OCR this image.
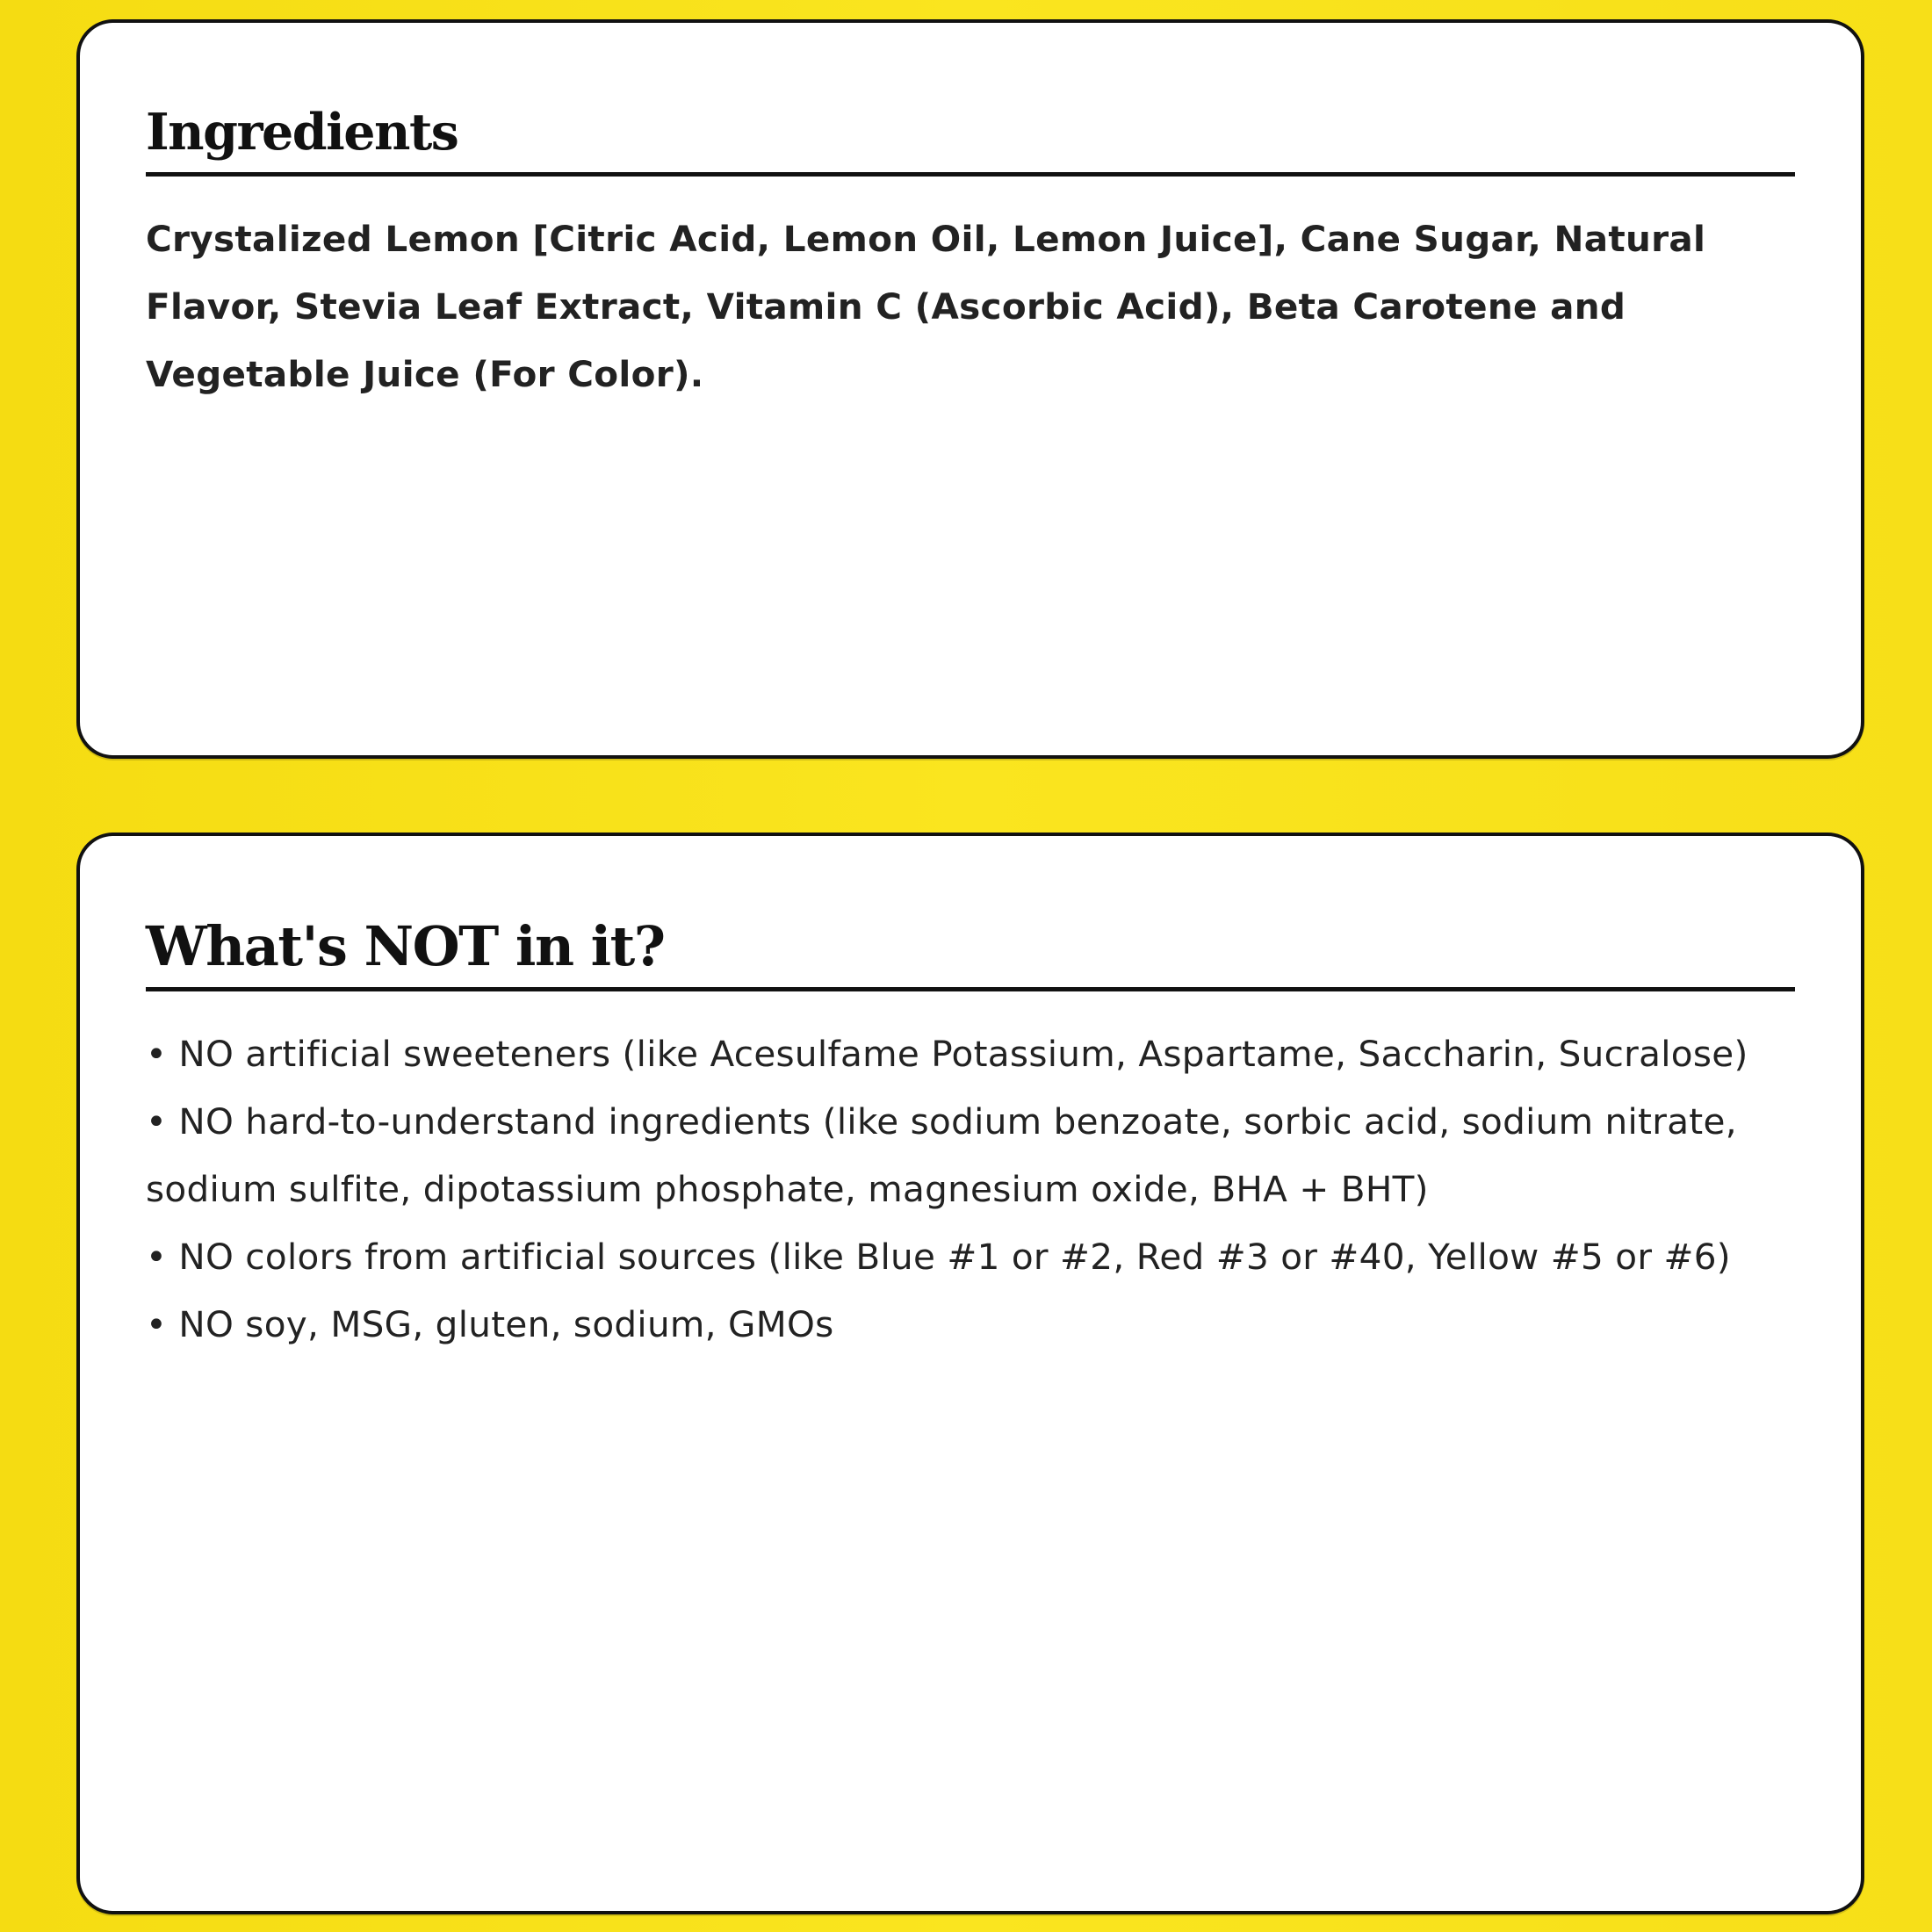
Ingredients
Crystalized Lemon [Citric Acid, Lemon Oil, Lemon Juice], Cane Sugar, Natural Flavor, Stevia Leaf Extract, Vitamin C (Ascorbic Acid), Beta Carotene and Vegetable Juice (For Color).
What's NOT in it?
• NO artificial sweeteners (like Acesulfame Potassium, Aspartame, Saccharin, Sucralose)
• NO hard-to-understand ingredients (like sodium benzoate, sorbic acid, sodium nitrate, sodium sulfite, dipotassium phosphate, magnesium oxide, BHA + BHT)
• NO colors from artificial sources (like Blue #1 or #2, Red #3 or #40, Yellow #5 or #6)
• NO soy, MSG, gluten, sodium, GMOs
